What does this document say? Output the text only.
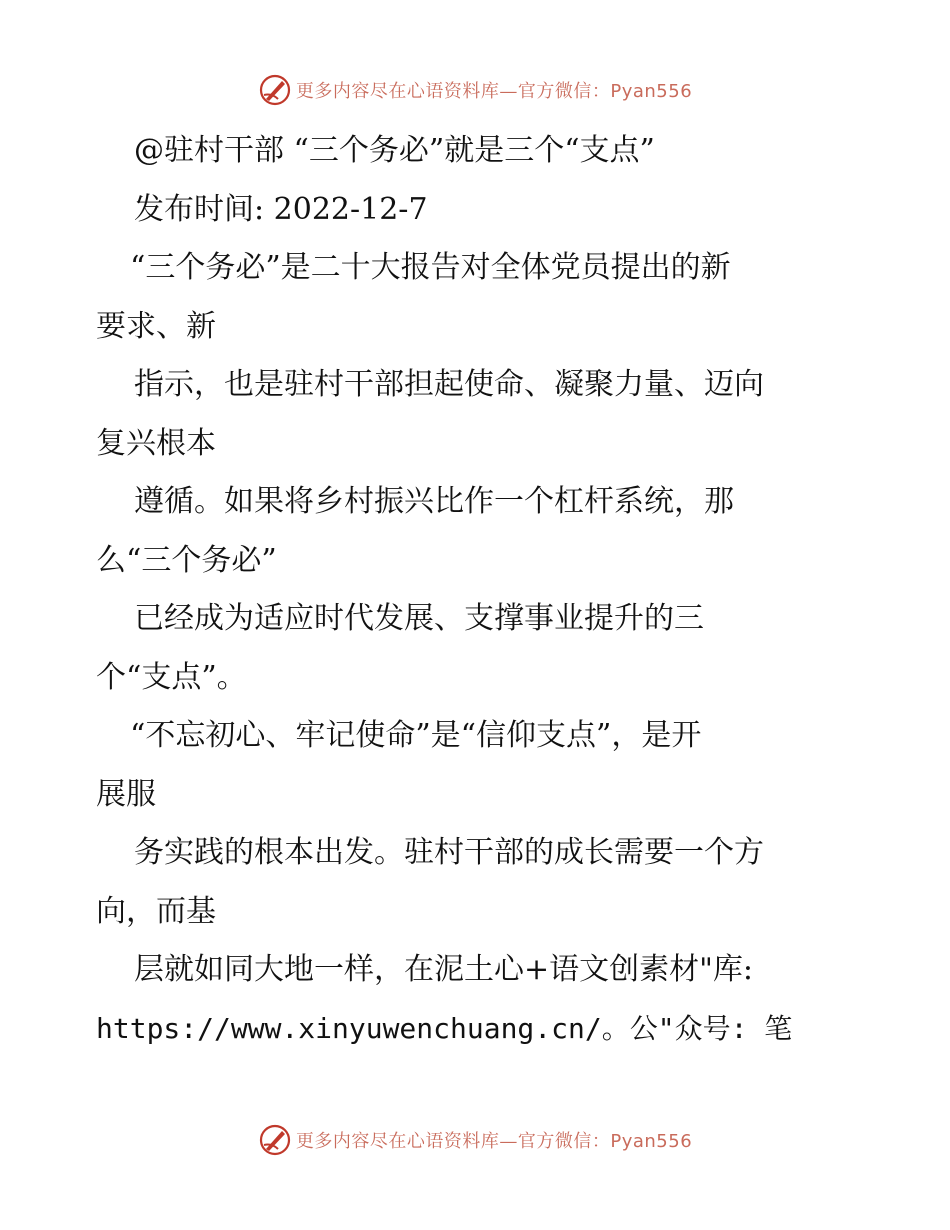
更多内容尽在心语资料库—官方微信：Pyan556
@驻村干部 “三个务必”就是三个“支点”
发布时间: 2022-12-7
“三个务必”是二十大报告对全体党员提出的新
要求、新
指示，也是驻村干部担起使命、凝聚力量、迈向
复兴根本
遵循。如果将乡村振兴比作一个杠杆系统，那
么“三个务必”
已经成为适应时代发展、支撑事业提升的三
个“支点”。
“不忘初心、牢记使命”是“信仰支点”，是开
展服
务实践的根本出发。驻村干部的成长需要一个方
向，而基
层就如同大地一样，在泥土心+语文创素材"库:
https://www.xinyuwenchuang.cn/。公"众号: 笔
更多内容尽在心语资料库—官方微信：Pyan556
